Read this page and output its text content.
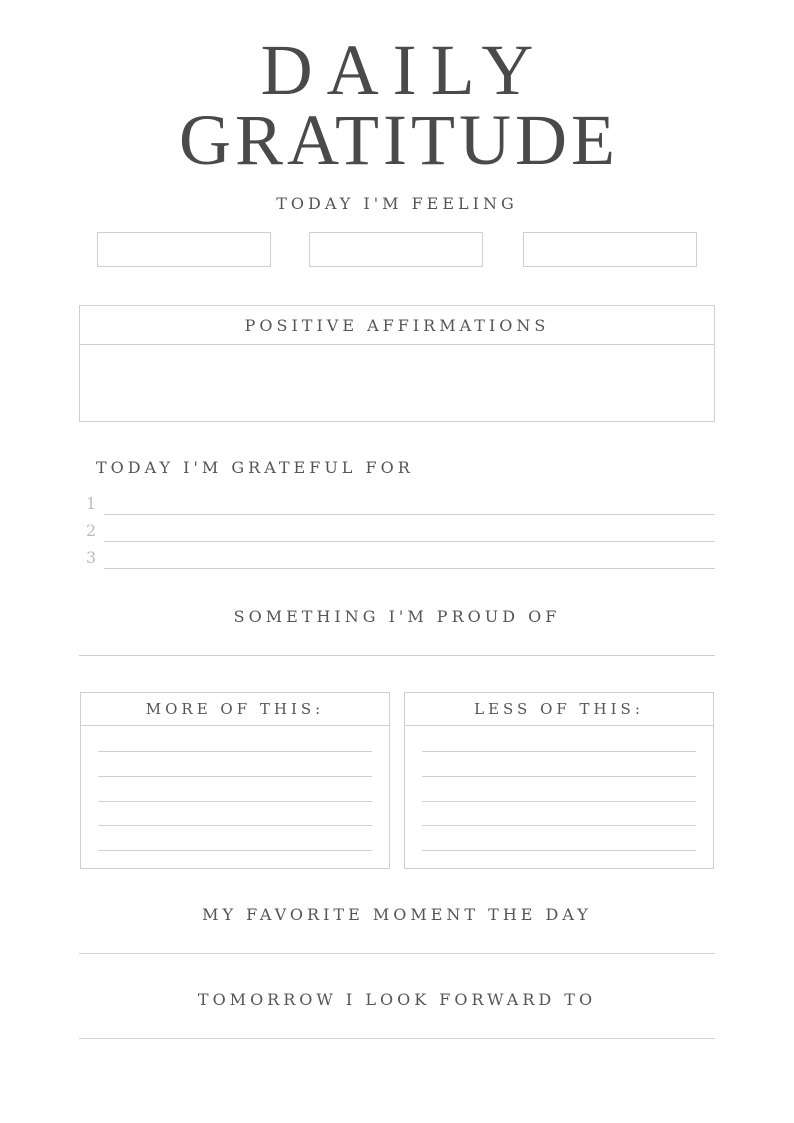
DAILY
GRATITUDE
TODAY I'M FEELING
POSITIVE AFFIRMATIONS
TODAY I'M GRATEFUL FOR
1
2
3
SOMETHING I'M PROUD OF
MORE OF THIS:	LESS OF THIS:
MY FAVORITE MOMENT THE DAY
TOMORROW I LOOK FORWARD TO
